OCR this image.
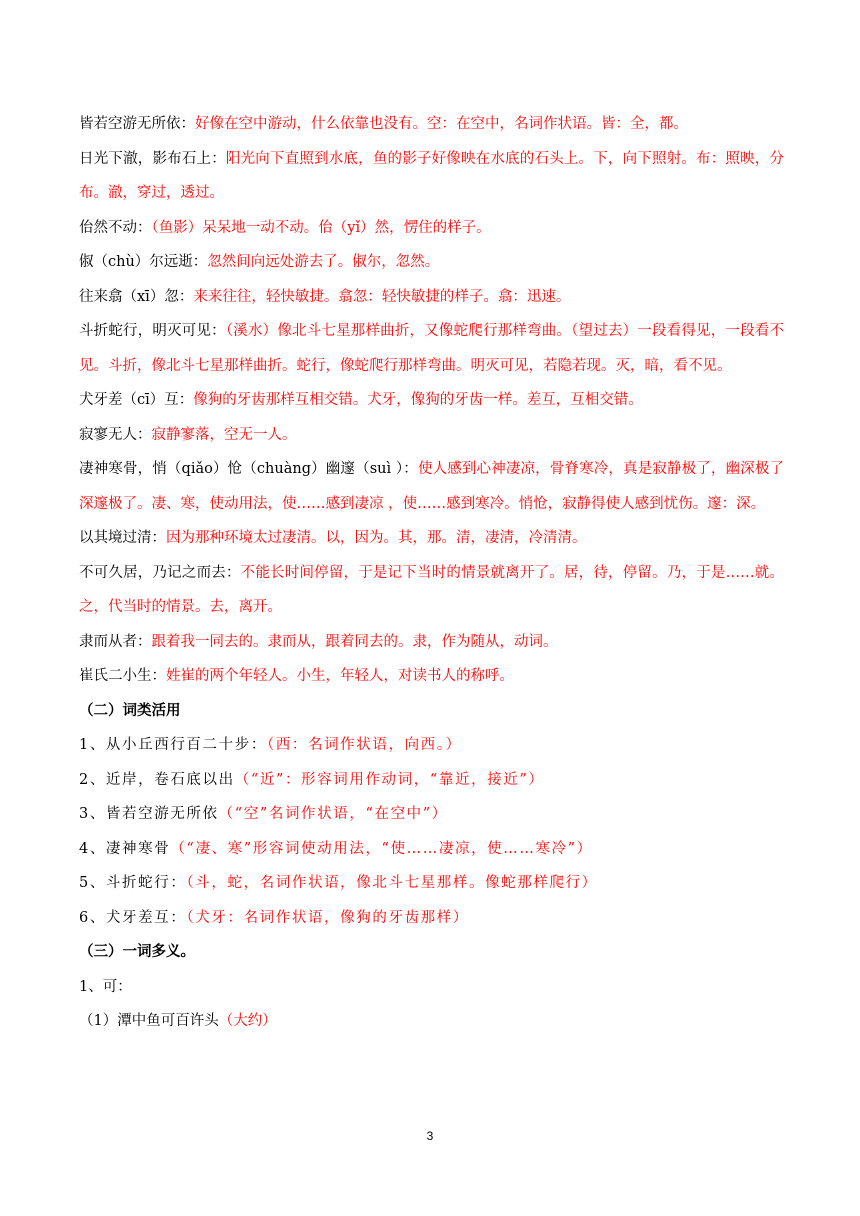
皆若空游无所依：好像在空中游动，什么依靠也没有。空：在空中，名词作状语。皆：全，都。

日光下澈，影布石上：阳光向下直照到水底，鱼的影子好像映在水底的石头上。下，向下照射。布：照映，分布。澈，穿过，透过。

佁然不动：（鱼影）呆呆地一动不动。佁（yǐ）然，愣住的样子。

俶（chù）尔远逝：忽然间向远处游去了。俶尔，忽然。

往来翕（xī）忽：来来往往，轻快敏捷。翕忽：轻快敏捷的样子。翕：迅速。

斗折蛇行，明灭可见：（溪水）像北斗七星那样曲折，又像蛇爬行那样弯曲。（望过去）一段看得见，一段看不见。斗折，像北斗七星那样曲折。蛇行，像蛇爬行那样弯曲。明灭可见，若隐若现。灭，暗，看不见。

犬牙差（cī）互：像狗的牙齿那样互相交错。犬牙，像狗的牙齿一样。差互，互相交错。

寂寥无人：寂静寥落，空无一人。

凄神寒骨，悄（qiǎo）怆（chuàng）幽邃（suì ）：使人感到心神凄凉，骨脊寒冷，真是寂静极了，幽深极了深邃极了。凄、寒，使动用法，使……感到凄凉 ，使……感到寒冷。悄怆，寂静得使人感到忧伤。邃：深。

以其境过清：因为那种环境太过凄清。以，因为。其，那。清，凄清，冷清清。

不可久居，乃记之而去：不能长时间停留，于是记下当时的情景就离开了。居，待，停留。乃，于是……就。之，代当时的情景。去，离开。

隶而从者：跟着我一同去的。隶而从，跟着同去的。隶，作为随从，动词。

崔氏二小生：姓崔的两个年轻人。小生，年轻人，对读书人的称呼。

（二）词类活用

1、从小丘西行百二十步：（西：名词作状语，向西。）

2、近岸，卷石底以出（“近”：形容词用作动词，“靠近，接近”）

3、皆若空游无所依（“空”名词作状语，“在空中”）

4、凄神寒骨（“凄、寒”形容词使动用法，“使……凄凉，使……寒冷”）

5、斗折蛇行：（斗，蛇，名词作状语，像北斗七星那样。像蛇那样爬行）

6、犬牙差互：（犬牙：名词作状语，像狗的牙齿那样）

（三）一词多义。

1、可：

（1）潭中鱼可百许头（大约）

3
